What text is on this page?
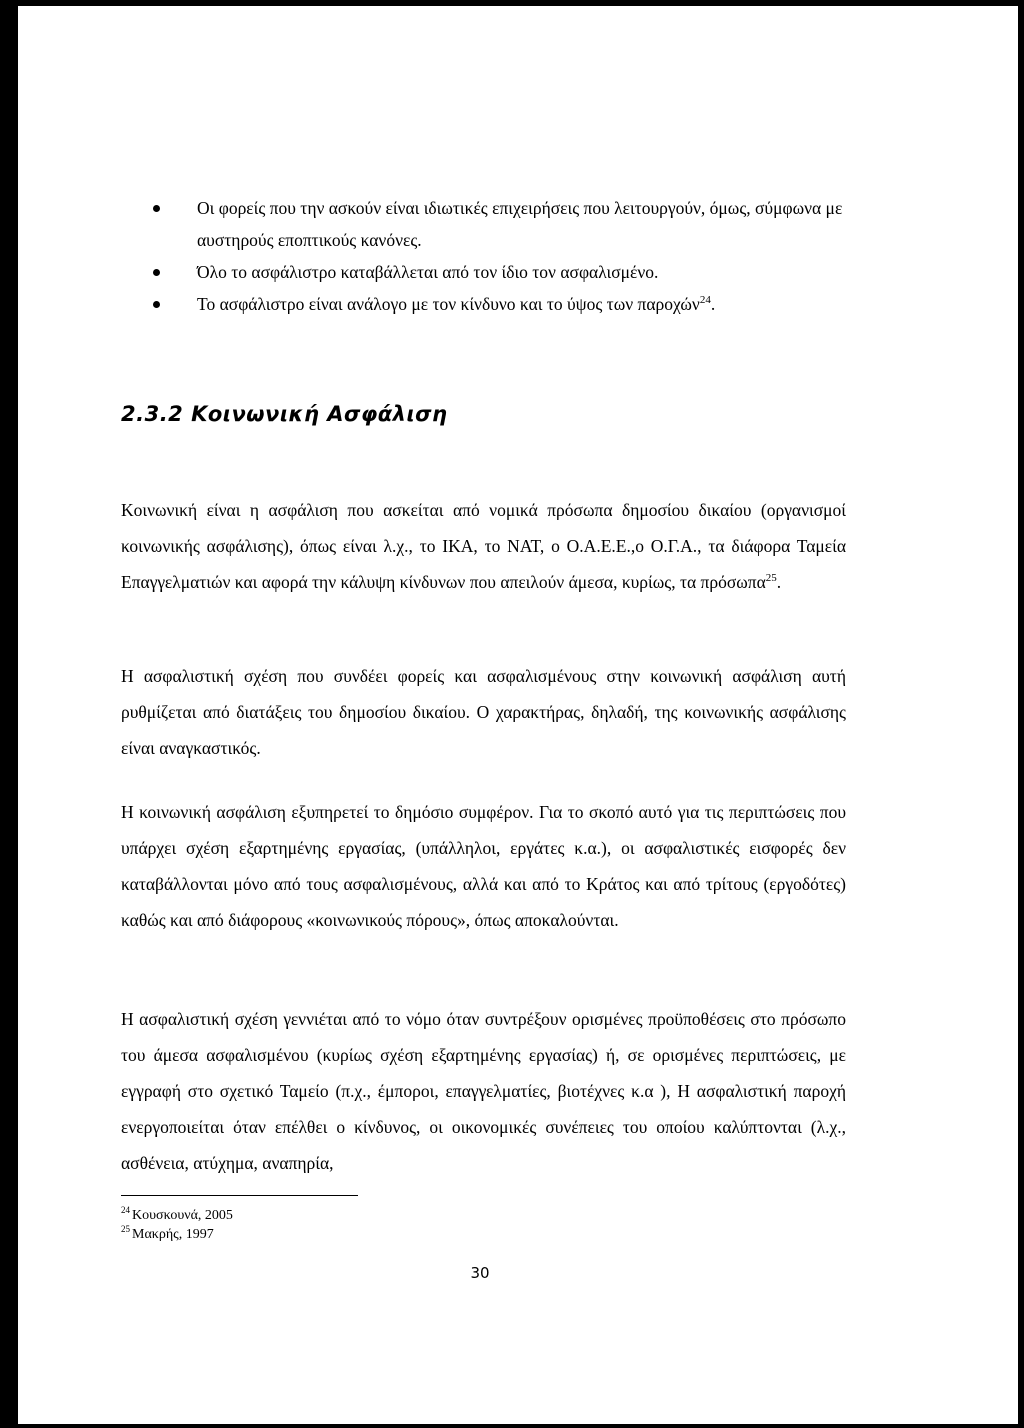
Οι φορείς που την ασκούν είναι ιδιωτικές επιχειρήσεις που λειτουργούν, όμως, σύμφωνα με αυστηρούς εποπτικούς κανόνες.
Όλο το ασφάλιστρο καταβάλλεται από τον ίδιο τον ασφαλισμένο.
Το ασφάλιστρο είναι ανάλογο με τον κίνδυνο και το ύψος των παροχών$^{24}$.
2.3.2 Κοινωνική Ασφάλιση

Κοινωνική είναι η ασφάλιση που ασκείται από νομικά πρόσωπα δημοσίου δικαίου (οργανισμοί κοινωνικής ασφάλισης), όπως είναι λ.χ., το ΙΚΑ, το ΝΑΤ, ο Ο.Α.Ε.Ε.,ο Ο.Γ.Α., τα διάφορα Ταμεία Επαγγελματιών και αφορά την κάλυψη κίνδυνων που απειλούν άμεσα, κυρίως, τα πρόσωπα$^{25}$.

Η ασφαλιστική σχέση που συνδέει φορείς και ασφαλισμένους στην κοινωνική ασφάλιση αυτή ρυθμίζεται από διατάξεις του δημοσίου δικαίου. Ο χαρακτήρας, δηλαδή, της κοινωνικής ασφάλισης είναι αναγκαστικός.

Η κοινωνική ασφάλιση εξυπηρετεί το δημόσιο συμφέρον. Για το σκοπό αυτό για τις περιπτώσεις που υπάρχει σχέση εξαρτημένης εργασίας, (υπάλληλοι, εργάτες κ.α.), οι ασφαλιστικές εισφορές δεν καταβάλλονται μόνο από τους ασφαλισμένους, αλλά και από το Κράτος και από τρίτους (εργοδότες) καθώς και από διάφορους «κοινωνικούς πόρους», όπως αποκαλούνται.

Η ασφαλιστική σχέση γεννιέται από το νόμο όταν συντρέξουν ορισμένες προϋποθέσεις στο πρόσωπο του άμεσα ασφαλισμένου (κυρίως σχέση εξαρτημένης εργασίας) ή, σε ορισμένες περιπτώσεις, με εγγραφή στο σχετικό Ταμείο (π.χ., έμποροι, επαγγελματίες, βιοτέχνες κ.α ), Η ασφαλιστική παροχή ενεργοποιείται όταν επέλθει ο κίνδυνος, οι οικονομικές συνέπειες του οποίου καλύπτονται (λ.χ., ασθένεια, ατύχημα, αναπηρία,

$^{24}$ Κουσκουνά, 2005
$^{25}$ Μακρής, 1997
30
